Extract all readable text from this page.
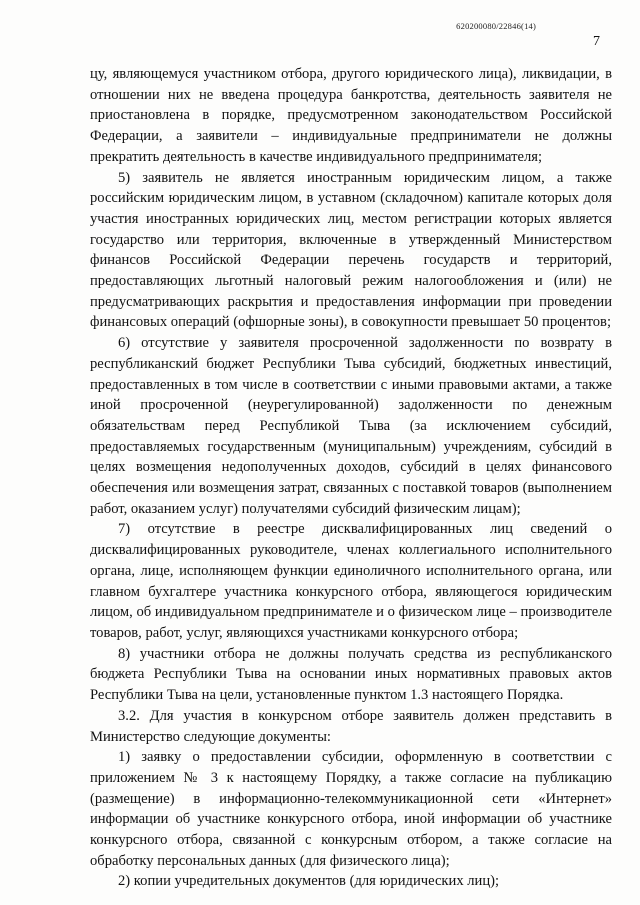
620200080/22846(14)
7

цу, являющемуся участником отбора, другого юридического лица), ликвидации, в отношении них не введена процедура банкротства, деятельность заявителя не приостановлена в порядке, предусмотренном законодательством Российской Федерации, а заявители – индивидуальные предприниматели не должны прекратить деятельность в качестве индивидуального предпринимателя;

5) заявитель не является иностранным юридическим лицом, а также российским юридическим лицом, в уставном (складочном) капитале которых доля участия иностранных юридических лиц, местом регистрации которых является государство или территория, включенные в утвержденный Министерством финансов Российской Федерации перечень государств и территорий, предоставляющих льготный налоговый режим налогообложения и (или) не предусматривающих раскрытия и предоставления информации при проведении финансовых операций (офшорные зоны), в совокупности превышает 50 процентов;

6) отсутствие у заявителя просроченной задолженности по возврату в республиканский бюджет Республики Тыва субсидий, бюджетных инвестиций, предоставленных в том числе в соответствии с иными правовыми актами, а также иной просроченной (неурегулированной) задолженности по денежным обязательствам перед Республикой Тыва (за исключением субсидий, предоставляемых государственным (муниципальным) учреждениям, субсидий в целях возмещения недополученных доходов, субсидий в целях финансового обеспечения или возмещения затрат, связанных с поставкой товаров (выполнением работ, оказанием услуг) получателями субсидий физическим лицам);

7) отсутствие в реестре дисквалифицированных лиц сведений о дисквалифицированных руководителе, членах коллегиального исполнительного органа, лице, исполняющем функции единоличного исполнительного органа, или главном бухгалтере участника конкурсного отбора, являющегося юридическим лицом, об индивидуальном предпринимателе и о физическом лице – производителе товаров, работ, услуг, являющихся участниками конкурсного отбора;

8) участники отбора не должны получать средства из республиканского бюджета Республики Тыва на основании иных нормативных правовых актов Республики Тыва на цели, установленные пунктом 1.3 настоящего Порядка.

3.2. Для участия в конкурсном отборе заявитель должен представить в Министерство следующие документы:

1) заявку о предоставлении субсидии, оформленную в соответствии с приложением № 3 к настоящему Порядку, а также согласие на публикацию (размещение) в информационно-телекоммуникационной сети «Интернет» информации об участнике конкурсного отбора, иной информации об участнике конкурсного отбора, связанной с конкурсным отбором, а также согласие на обработку персональных данных (для физического лица);

2) копии учредительных документов (для юридических лиц);
